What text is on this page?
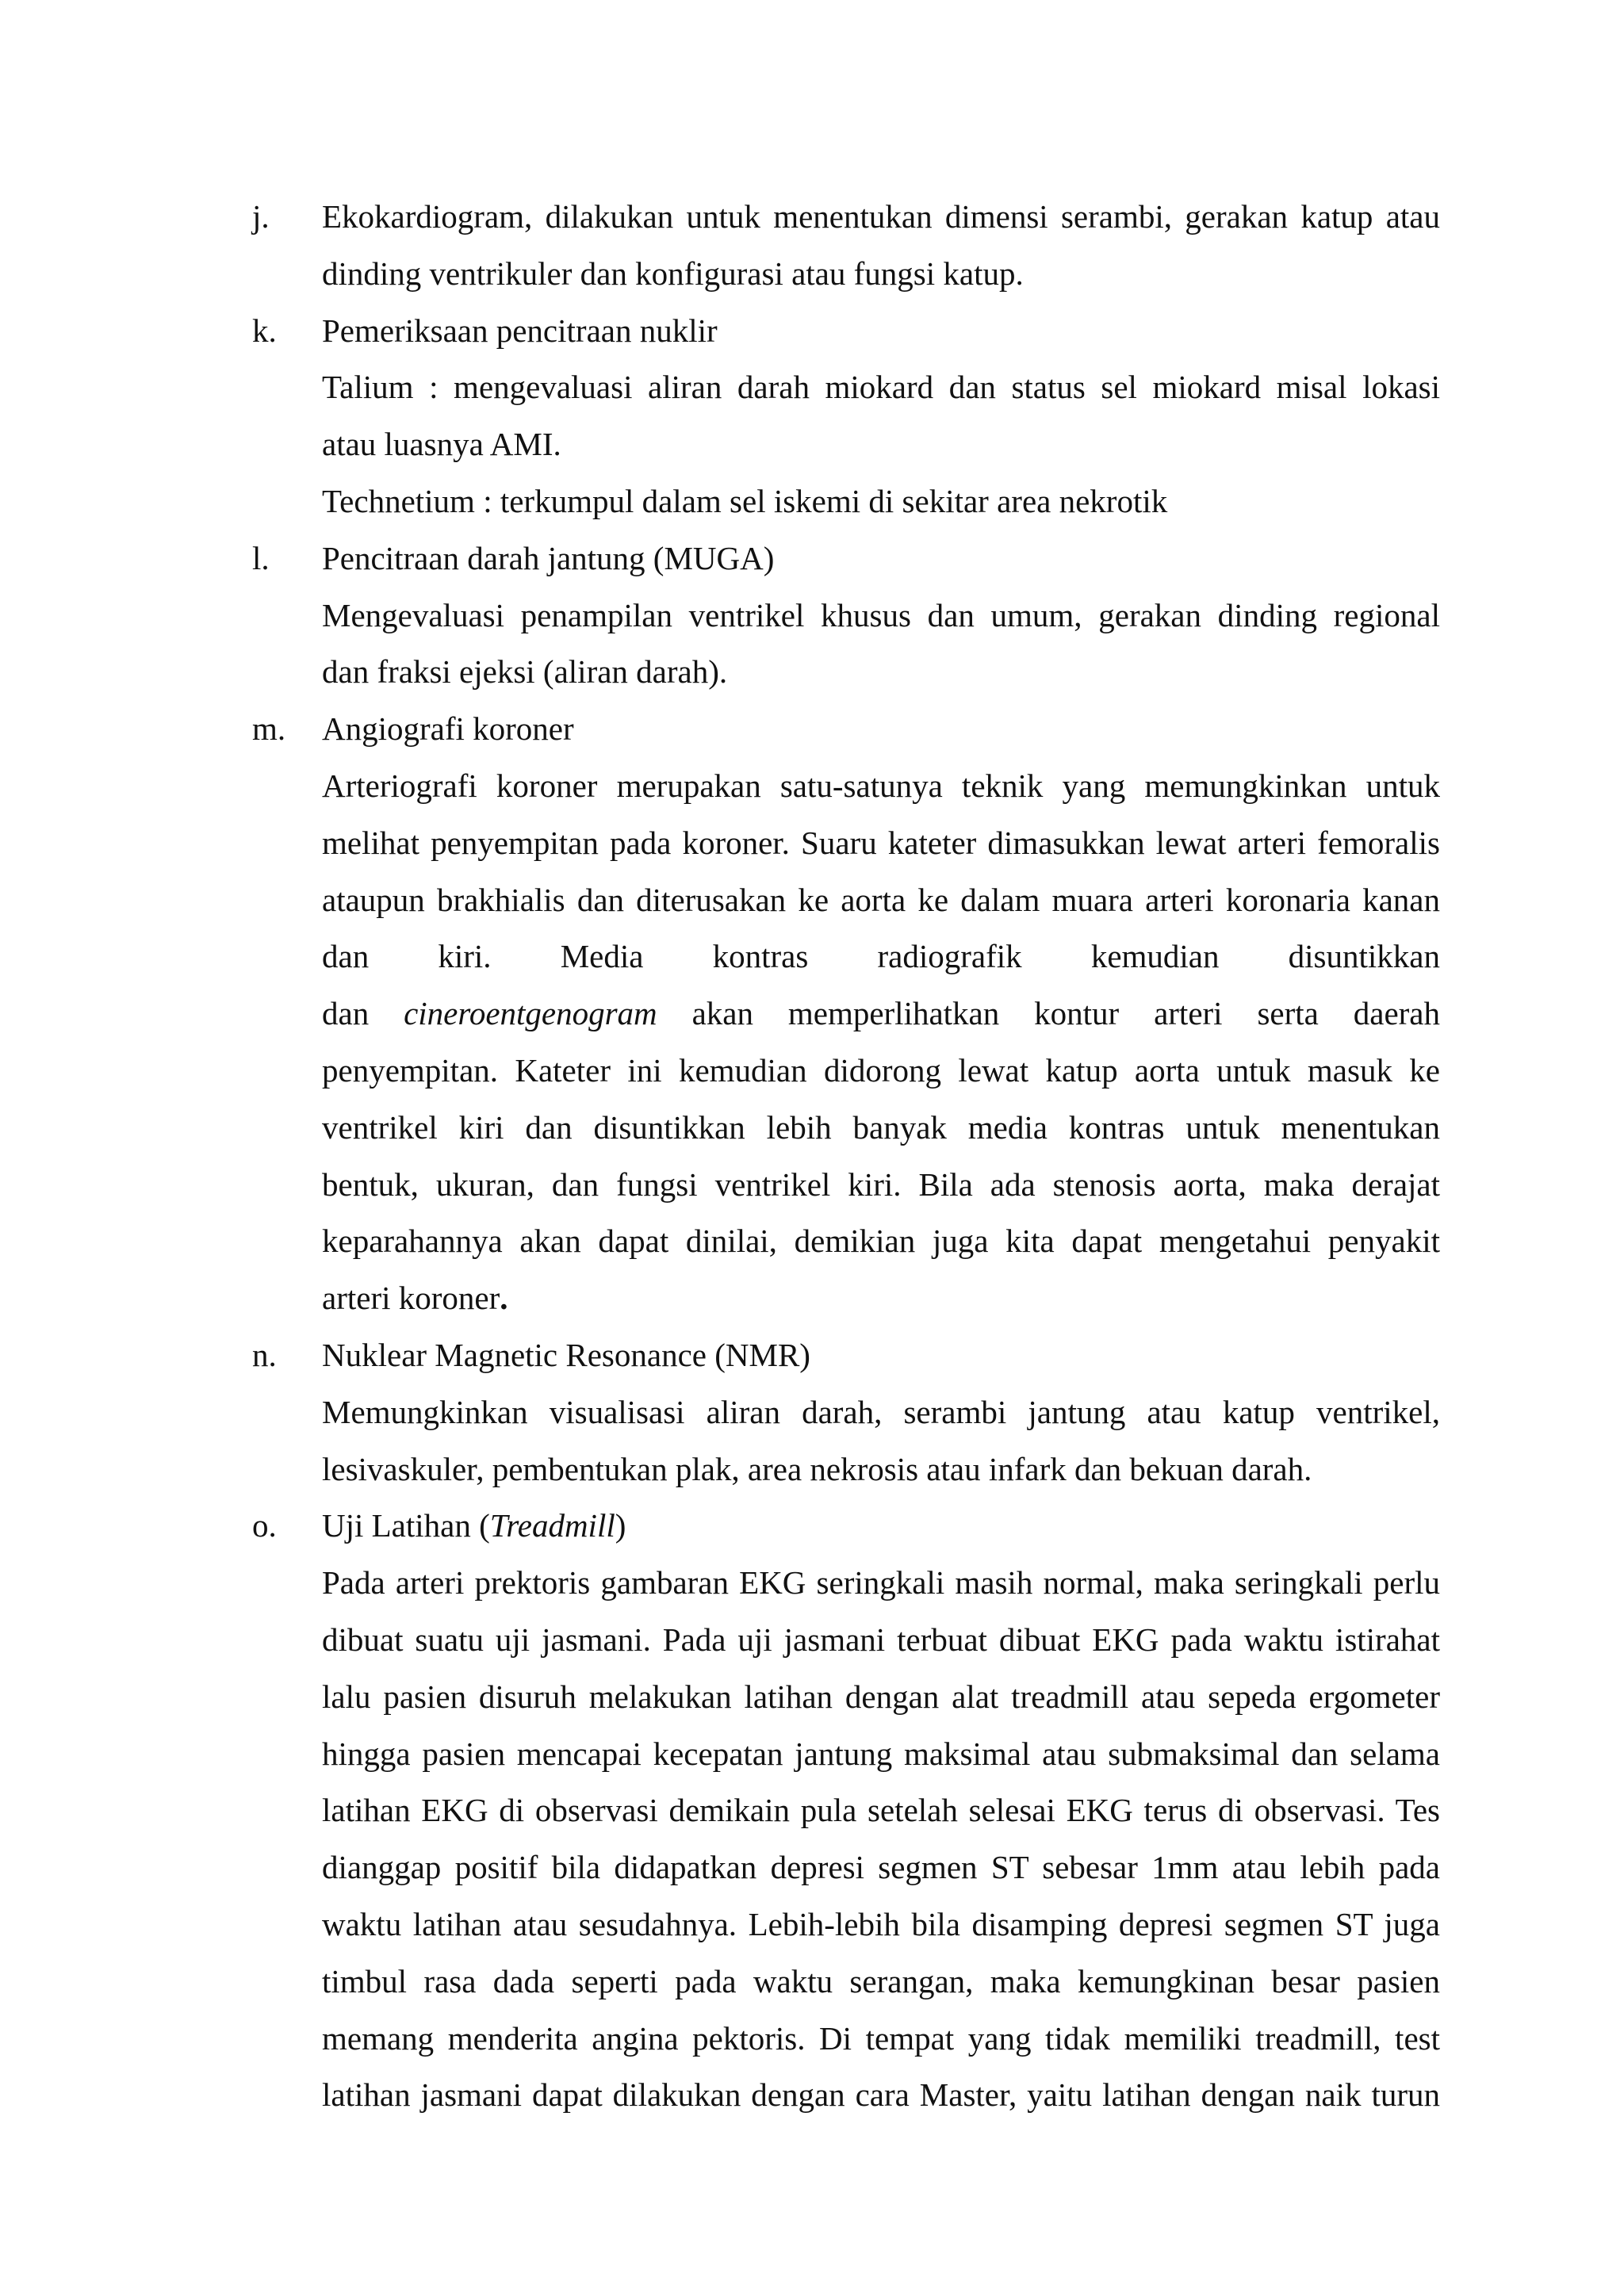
j. Ekokardiogram, dilakukan untuk menentukan dimensi serambi, gerakan katup atau
dinding ventrikuler dan konfigurasi atau fungsi katup.
k. Pemeriksaan pencitraan nuklir
Talium : mengevaluasi aliran darah miokard dan status sel miokard misal lokasi
atau luasnya AMI.
Technetium : terkumpul dalam sel iskemi di sekitar area nekrotik
l. Pencitraan darah jantung (MUGA)
Mengevaluasi penampilan ventrikel khusus dan umum, gerakan dinding regional
dan fraksi ejeksi (aliran darah).
m. Angiografi koroner
Arteriografi koroner merupakan satu-satunya teknik yang memungkinkan untuk
melihat penyempitan pada koroner. Suaru kateter dimasukkan lewat arteri femoralis
ataupun brakhialis dan diterusakan ke aorta ke dalam muara arteri koronaria kanan
dan kiri. Media kontras radiografik kemudian disuntikkan
dan cineroentgenogram akan memperlihatkan kontur arteri serta daerah
penyempitan. Kateter ini kemudian didorong lewat katup aorta untuk masuk ke
ventrikel kiri dan disuntikkan lebih banyak media kontras untuk menentukan
bentuk, ukuran, dan fungsi ventrikel kiri. Bila ada stenosis aorta, maka derajat
keparahannya akan dapat dinilai, demikian juga kita dapat mengetahui penyakit
arteri koroner.
n. Nuklear Magnetic Resonance (NMR)
Memungkinkan visualisasi aliran darah, serambi jantung atau katup ventrikel,
lesivaskuler, pembentukan plak, area nekrosis atau infark dan bekuan darah.
o. Uji Latihan (Treadmill)
Pada arteri prektoris gambaran EKG seringkali masih normal, maka seringkali perlu
dibuat suatu uji jasmani. Pada uji jasmani terbuat dibuat EKG pada waktu istirahat
lalu pasien disuruh melakukan latihan dengan alat treadmill atau sepeda ergometer
hingga pasien mencapai kecepatan jantung maksimal atau submaksimal dan selama
latihan EKG di observasi demikain pula setelah selesai EKG terus di observasi. Tes
dianggap positif bila didapatkan depresi segmen ST sebesar 1mm atau lebih pada
waktu latihan atau sesudahnya. Lebih-lebih bila disamping depresi segmen ST juga
timbul rasa dada seperti pada waktu serangan, maka kemungkinan besar pasien
memang menderita angina pektoris. Di tempat yang tidak memiliki treadmill, test
latihan jasmani dapat dilakukan dengan cara Master, yaitu latihan dengan naik turun
